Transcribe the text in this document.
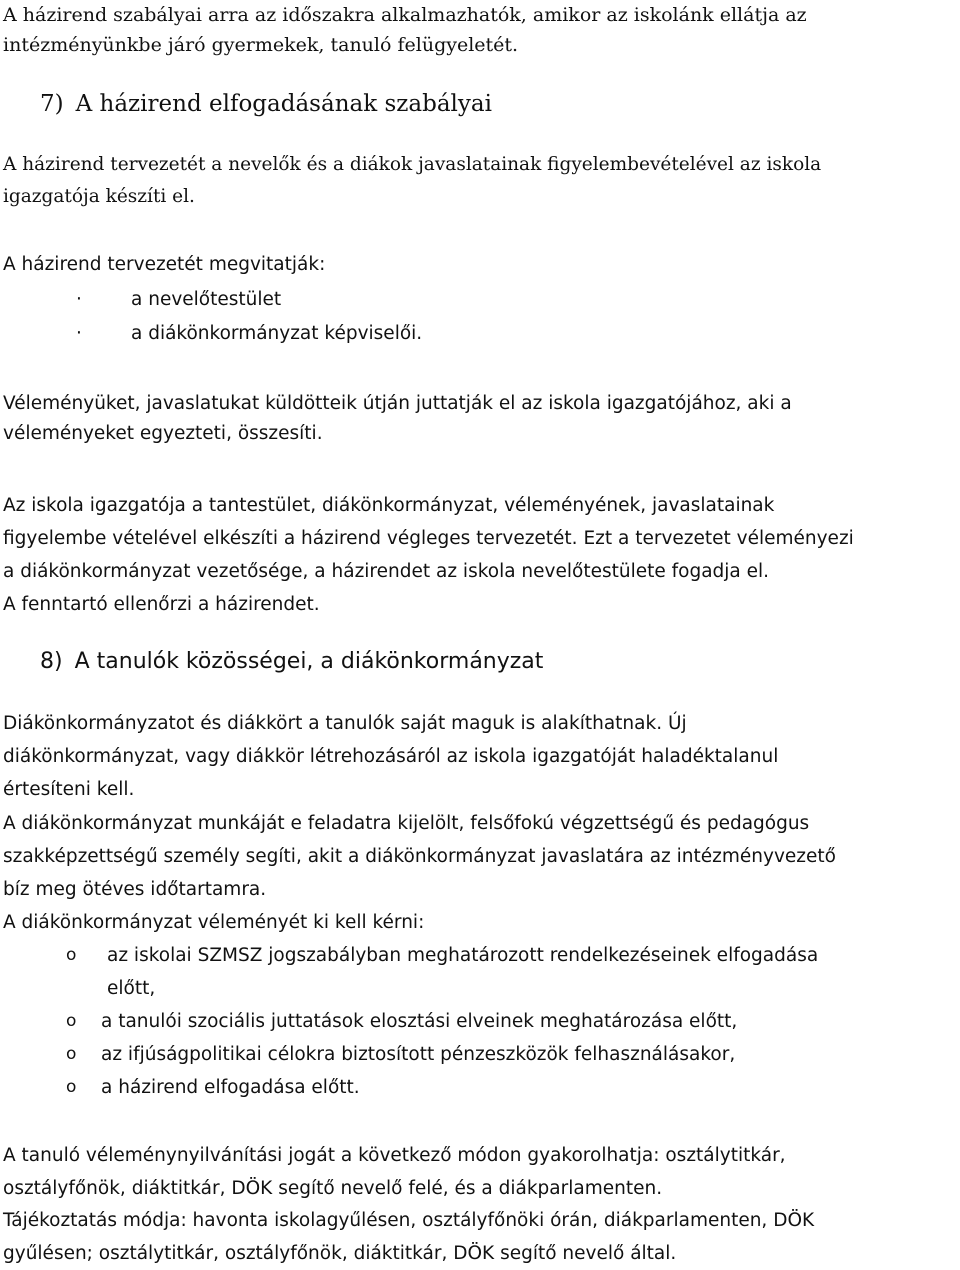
A házirend szabályai arra az időszakra alkalmazhatók, amikor az iskolánk ellátja az
intézményünkbe járó gyermekek, tanuló felügyeletét.

7) A házirend elfogadásának szabályai

A házirend tervezetét a nevelők és a diákok javaslatainak figyelembevételével az iskola
igazgatója készíti el.

A házirend tervezetét megvitatják:

·	a nevelőtestület
·	a diákönkormányzat képviselői.

Véleményüket, javaslatukat küldötteik útján juttatják el az iskola igazgatójához, aki a
véleményeket egyezteti, összesíti.

Az iskola igazgatója a tantestület, diákönkormányzat, véleményének, javaslatainak
figyelembe vételével elkészíti a házirend végleges tervezetét. Ezt a tervezetet véleményezi
a diákönkormányzat vezetősége, a házirendet az iskola nevelőtestülete fogadja el.
A fenntartó ellenőrzi a házirendet.

8) A tanulók közösségei, a diákönkormányzat

Diákönkormányzatot és diákkört a tanulók saját maguk is alakíthatnak. Új
diákönkormányzat, vagy diákkör létrehozásáról az iskola igazgatóját haladéktalanul
értesíteni kell.

A diákönkormányzat munkáját e feladatra kijelölt, felsőfokú végzettségű és pedagógus
szakképzettségű személy segíti, akit a diákönkormányzat javaslatára az intézményvezető
bíz meg ötéves időtartamra.

A diákönkormányzat véleményét ki kell kérni:

o az iskolai SZMSZ jogszabályban meghatározott rendelkezéseinek elfogadása
előtt,
o a tanulói szociális juttatások elosztási elveinek meghatározása előtt,
o az ifjúságpolitikai célokra biztosított pénzeszközök felhasználásakor,
o a házirend elfogadása előtt.

A tanuló véleménynyilvánítási jogát a következő módon gyakorolhatja: osztálytitkár,
osztályfőnök, diáktitkár, DÖK segítő nevelő felé, és a diákparlamenten.

Tájékoztatás módja: havonta iskolagyűlésen, osztályfőnöki órán, diákparlamenten, DÖK
gyűlésen; osztálytitkár, osztályfőnök, diáktitkár, DÖK segítő nevelő által.
